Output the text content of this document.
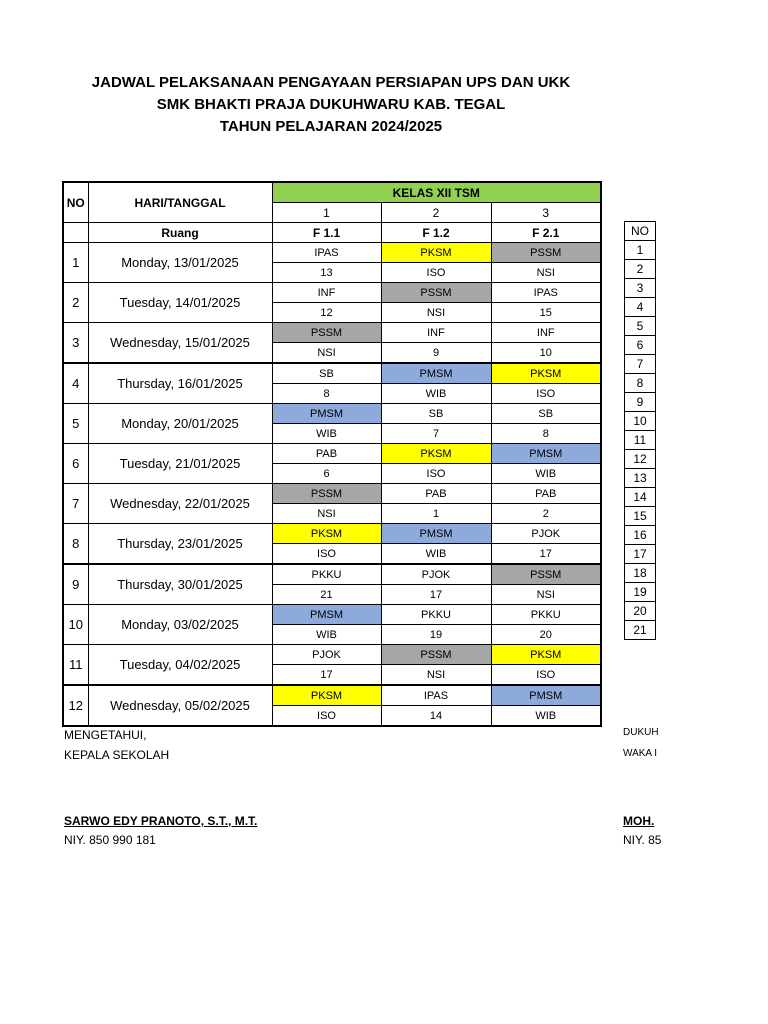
JADWAL PELAKSANAAN PENGAYAAN PERSIAPAN UPS DAN UKK
SMK BHAKTI PRAJA DUKUHWARU KAB. TEGAL
TAHUN PELAJARAN 2024/2025
NO	HARI/TANGGAL	KELAS XII TSM		
		1	2	3
	Ruang	F 1.1	F 1.2	F 2.1
1	Monday, 13/01/2025	IPAS	PKSM	PSSM
		13	ISO	NSI
2	Tuesday, 14/01/2025	INF	PSSM	IPAS
		12	NSI	15
3	Wednesday, 15/01/2025	PSSM	INF	INF
		NSI	9	10
4	Thursday, 16/01/2025	SB	PMSM	PKSM
		8	WIB	ISO
5	Monday, 20/01/2025	PMSM	SB	SB
		WIB	7	8
6	Tuesday, 21/01/2025	PAB	PKSM	PMSM
		6	ISO	WIB
7	Wednesday, 22/01/2025	PSSM	PAB	PAB
		NSI	1	2
8	Thursday, 23/01/2025	PKSM	PMSM	PJOK
		ISO	WIB	17
9	Thursday, 30/01/2025	PKKU	PJOK	PSSM
		21	17	NSI
10	Monday, 03/02/2025	PMSM	PKKU	PKKU
		WIB	19	20
11	Tuesday, 04/02/2025	PJOK	PSSM	PKSM
		17	NSI	ISO
12	Wednesday, 05/02/2025	PKSM	IPAS	PMSM
		ISO	14	WIB
NO
1
2
3
4
5
6
7
8
9
10
11
12
13
14
15
16
17
18
19
20
21
MENGETAHUI,
KEPALA SEKOLAH
SARWO EDY PRANOTO, S.T., M.T.
NIY. 850 990 181
DUKUH
WAKA I
MOH.
NIY. 85
